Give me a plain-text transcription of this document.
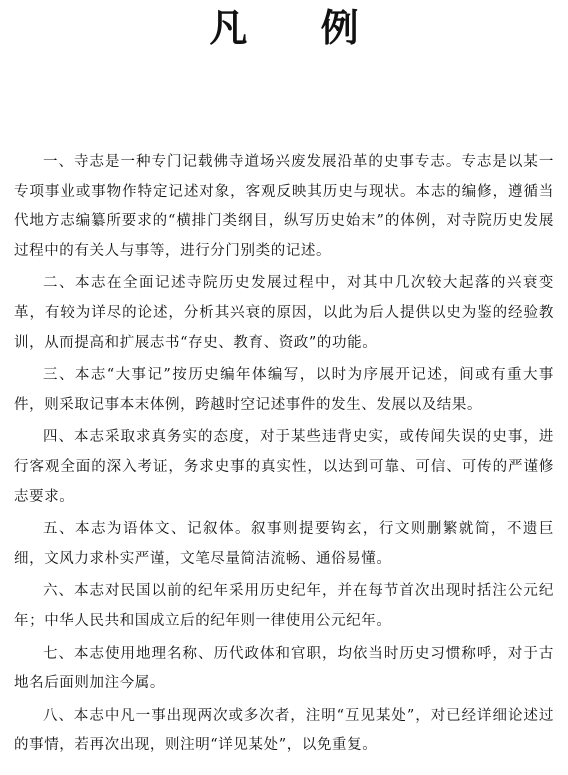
凡 例

一、寺志是一种专门记载佛寺道场兴废发展沿革的史事专志。专志是以某一专项事业或事物作特定记述对象，客观反映其历史与现状。本志的编修，遵循当代地方志编纂所要求的“横排门类纲目，纵写历史始末”的体例，对寺院历史发展过程中的有关人与事等，进行分门别类的记述。

二、本志在全面记述寺院历史发展过程中，对其中几次较大起落的兴衰变革，有较为详尽的论述，分析其兴衰的原因，以此为后人提供以史为鉴的经验教训，从而提高和扩展志书“存史、教育、资政”的功能。

三、本志“大事记”按历史编年体编写，以时为序展开记述，间或有重大事件，则采取记事本末体例，跨越时空记述事件的发生、发展以及结果。

四、本志采取求真务实的态度，对于某些违背史实，或传闻失误的史事，进行客观全面的深入考证，务求史事的真实性，以达到可靠、可信、可传的严谨修志要求。

五、本志为语体文、记叙体。叙事则提要钩玄，行文则删繁就简，不遗巨细，文风力求朴实严谨，文笔尽量简洁流畅、通俗易懂。

六、本志对民国以前的纪年采用历史纪年，并在每节首次出现时括注公元纪年；中华人民共和国成立后的纪年则一律使用公元纪年。

七、本志使用地理名称、历代政体和官职，均依当时历史习惯称呼，对于古地名后面则加注今属。

八、本志中凡一事出现两次或多次者，注明“互见某处”，对已经详细论述过的事情，若再次出现，则注明“详见某处”，以免重复。
